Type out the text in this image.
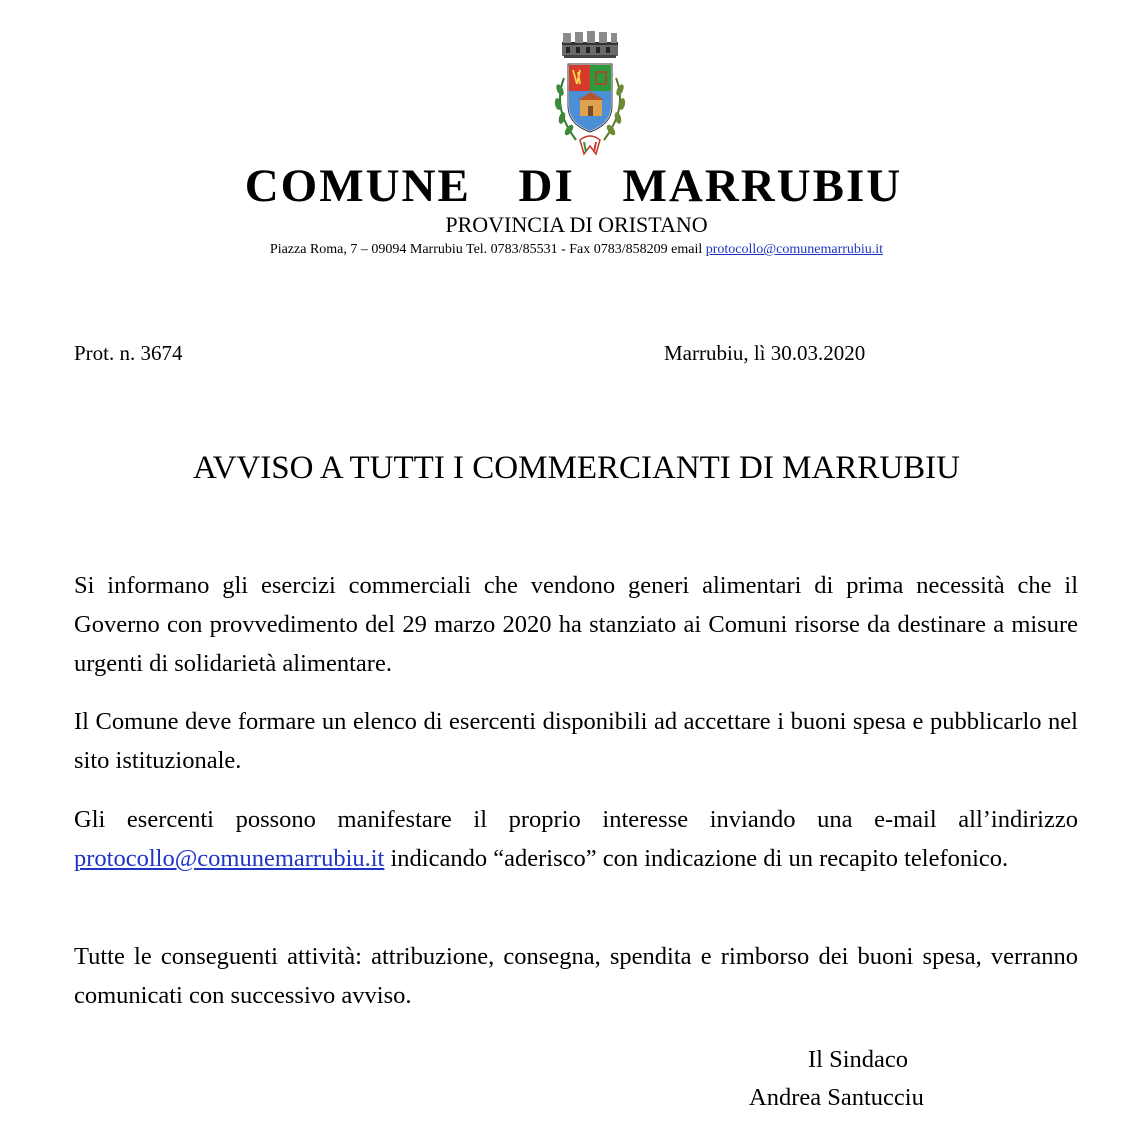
COMUNE DI MARRUBIU
PROVINCIA DI ORISTANO
Piazza Roma, 7 – 09094 Marrubiu Tel. 0783/85531 - Fax 0783/858209 email protocollo@comunemarrubiu.it
Prot. n. 3674	Marrubiu, lì 30.03.2020
AVVISO A TUTTI I COMMERCIANTI DI MARRUBIU

Si informano gli esercizi commerciali che vendono generi alimentari di prima necessità che il Governo con provvedimento del 29 marzo 2020 ha stanziato ai Comuni risorse da destinare a misure urgenti di solidarietà alimentare.

Il Comune deve formare un elenco di esercenti disponibili ad accettare i buoni spesa e pubblicarlo nel sito istituzionale.

Gli esercenti possono manifestare il proprio interesse inviando una e-mail all’indirizzo protocollo@comunemarrubiu.it indicando “aderisco” con indicazione di un recapito telefonico.

Tutte le conseguenti attività: attribuzione, consegna, spendita e rimborso dei buoni spesa, verranno comunicati con successivo avviso.

Il Sindaco
Andrea Santucciu
